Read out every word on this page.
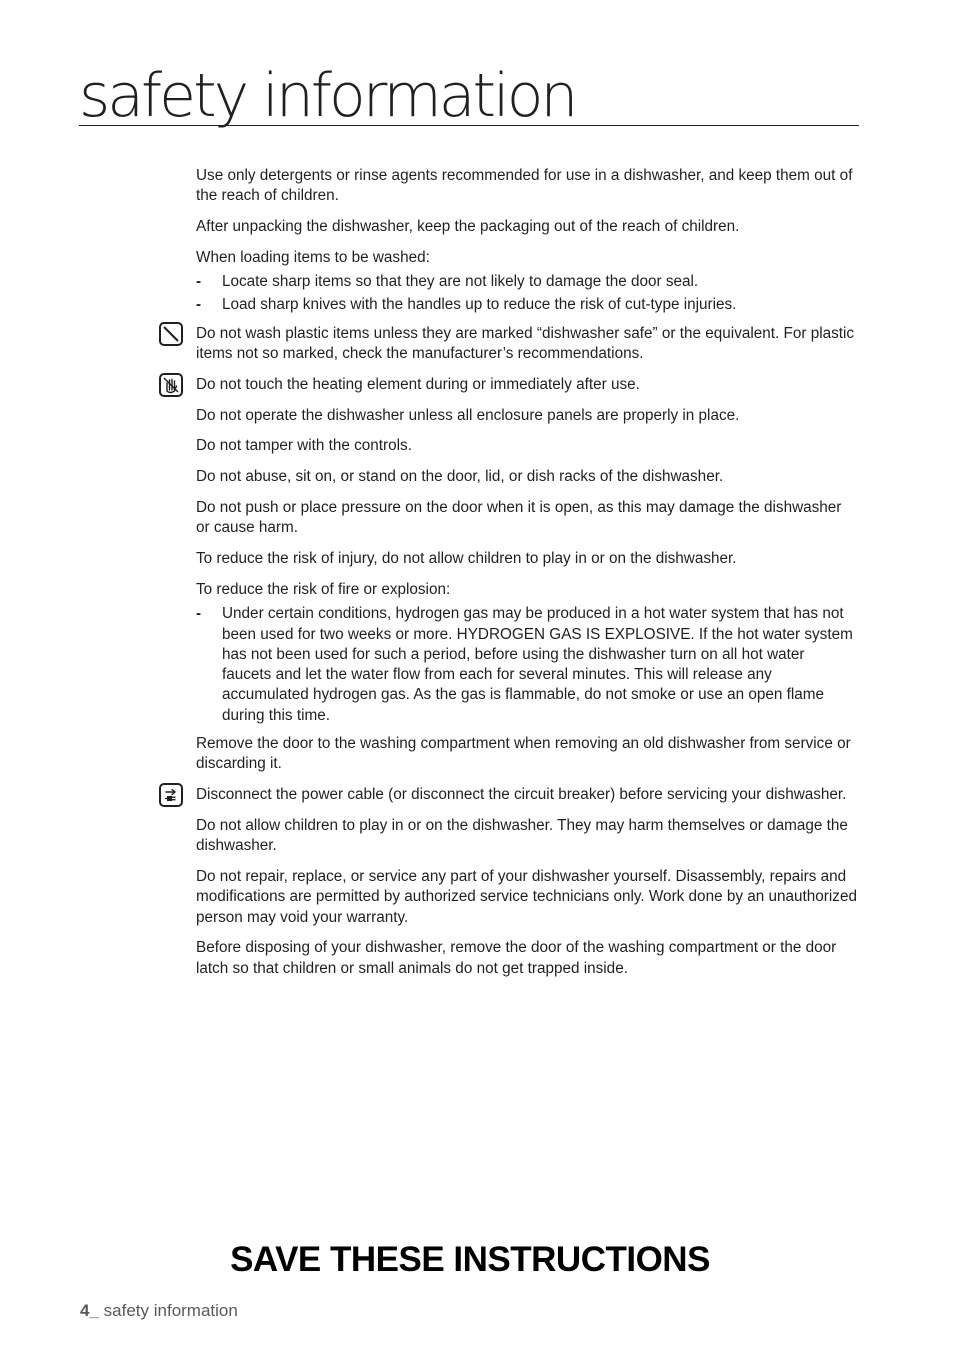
safety information

Use only detergents or rinse agents recommended for use in a dishwasher, and keep them out of the reach of children.

After unpacking the dishwasher, keep the packaging out of the reach of children.

When loading items to be washed:

- Locate sharp items so that they are not likely to damage the door seal.
- Load sharp knives with the handles up to reduce the risk of cut-type injuries.

Do not wash plastic items unless they are marked “dishwasher safe” or the equivalent. For plastic items not so marked, check the manufacturer’s recommendations.

Do not touch the heating element during or immediately after use.

Do not operate the dishwasher unless all enclosure panels are properly in place.

Do not tamper with the controls.

Do not abuse, sit on, or stand on the door, lid, or dish racks of the dishwasher.

Do not push or place pressure on the door when it is open, as this may damage the dishwasher or cause harm.

To reduce the risk of injury, do not allow children to play in or on the dishwasher.

To reduce the risk of fire or explosion:

- Under certain conditions, hydrogen gas may be produced in a hot water system that has not been used for two weeks or more. HYDROGEN GAS IS EXPLOSIVE. If the hot water system has not been used for such a period, before using the dishwasher turn on all hot water faucets and let the water flow from each for several minutes. This will release any accumulated hydrogen gas. As the gas is flammable, do not smoke or use an open flame during this time.

Remove the door to the washing compartment when removing an old dishwasher from service or discarding it.

Disconnect the power cable (or disconnect the circuit breaker) before servicing your dishwasher.

Do not allow children to play in or on the dishwasher. They may harm themselves or damage the dishwasher.

Do not repair, replace, or service any part of your dishwasher yourself. Disassembly, repairs and modifications are permitted by authorized service technicians only. Work done by an unauthorized person may void your warranty.

Before disposing of your dishwasher, remove the door of the washing compartment or the door latch so that children or small animals do not get trapped inside.

SAVE THESE INSTRUCTIONS
4_ safety information
